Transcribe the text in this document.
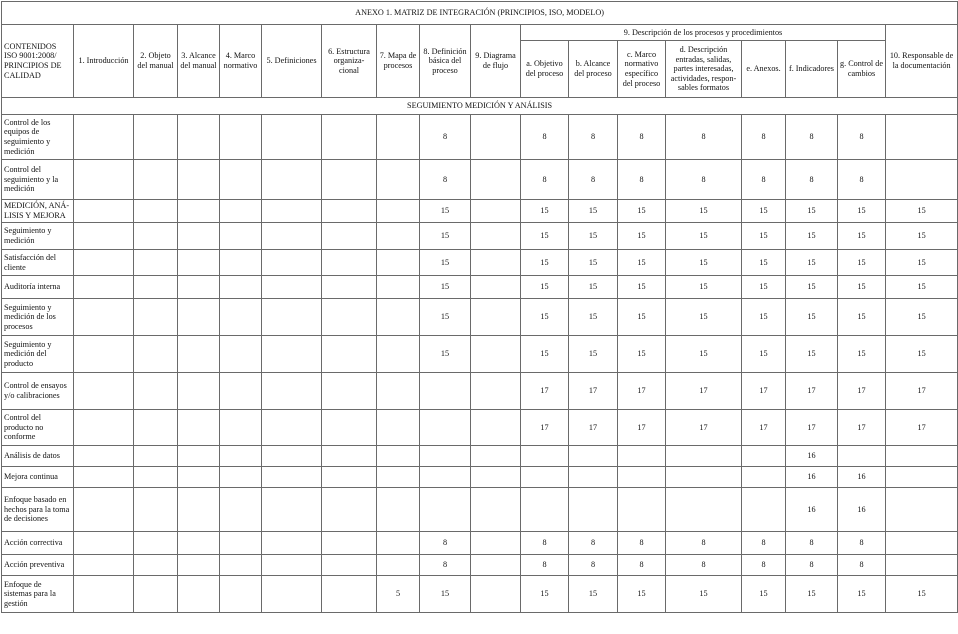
ANEXO 1. MATRIZ DE INTEGRACIÓN (PRINCIPIOS, ISO, MODELO)																	
CONTENIDOS ISO 9001:2008/ PRINCIPIOS DE CALIDAD	1. Introducción	2. Objeto del manual	3. Alcance del manual	4. Marco normativo	5. Definiciones	6. Estructura organiza-cional	7. Mapa de procesos	8. Definición básica del proceso	9. Diagrama de flujo	9. Descripción de los procesos y procedimientos							10. Responsable de la documentación
										a. Objetivo del proceso	b. Alcance del proceso	c. Marco normativo específico del proceso	d. Descripción entradas, salidas, partes interesadas, actividades, respon-sables formatos	e. Anexos.	f. Indicadores	g. Control de cambios	
SEGUIMIENTO MEDICIÓN Y ANÁLISIS																	
Control de los equipos de seguimiento y medición								8		8	8	8	8	8	8	8	
Control del seguimiento y la medición								8		8	8	8	8	8	8	8	
MEDICIÓN, ANÁ-LISIS Y MEJORA								15		15	15	15	15	15	15	15	15
Seguimiento y medición								15		15	15	15	15	15	15	15	15
Satisfacción del cliente								15		15	15	15	15	15	15	15	15
Auditoría interna								15		15	15	15	15	15	15	15	15
Seguimiento y medición de los procesos								15		15	15	15	15	15	15	15	15
Seguimiento y medición del producto								15		15	15	15	15	15	15	15	15
Control de ensayos y/o calibraciones										17	17	17	17	17	17	17	17
Control del producto no conforme										17	17	17	17	17	17	17	17
Análisis de datos															16		
Mejora continua															16	16	
Enfoque basado en hechos para la toma de decisiones															16	16	
Acción correctiva								8		8	8	8	8	8	8	8	
Acción preventiva								8		8	8	8	8	8	8	8	
Enfoque de sistemas para la gestión							5	15		15	15	15	15	15	15	15	15
